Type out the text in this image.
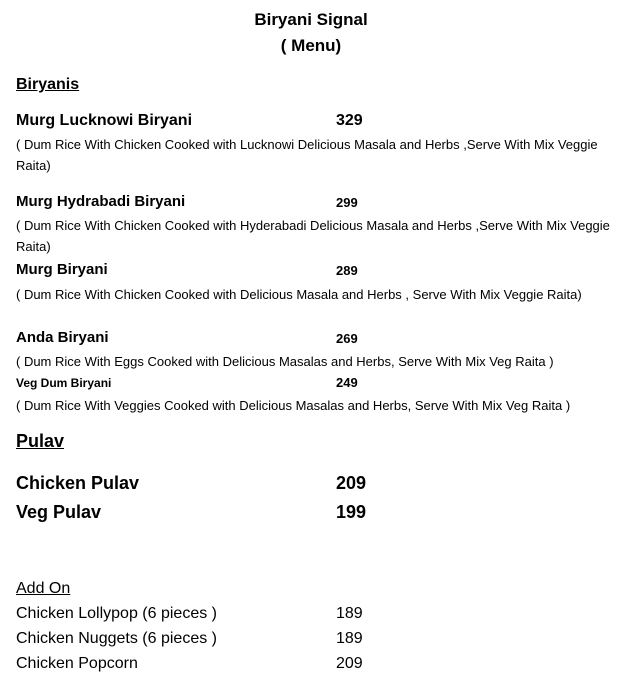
Biryani Signal
( Menu)
Biryanis
Murg Lucknowi Biryani	329
( Dum Rice With Chicken Cooked with Lucknowi Delicious Masala and Herbs ,Serve With Mix Veggie Raita)
Murg Hydrabadi Biryani	299
( Dum Rice With Chicken Cooked with Hyderabadi Delicious Masala and Herbs ,Serve With Mix Veggie Raita)
Murg Biryani	289
( Dum Rice With Chicken Cooked with Delicious Masala and Herbs , Serve With Mix Veggie Raita)
Anda Biryani	269
( Dum Rice With Eggs Cooked with Delicious Masalas and Herbs, Serve With Mix Veg Raita )
Veg Dum Biryani	249
( Dum Rice With Veggies Cooked with Delicious Masalas and Herbs, Serve With Mix Veg Raita )
Pulav
Chicken Pulav	209
Veg Pulav	199
Add On
Chicken Lollypop (6 pieces )	189
Chicken Nuggets (6 pieces )	189
Chicken Popcorn	209
